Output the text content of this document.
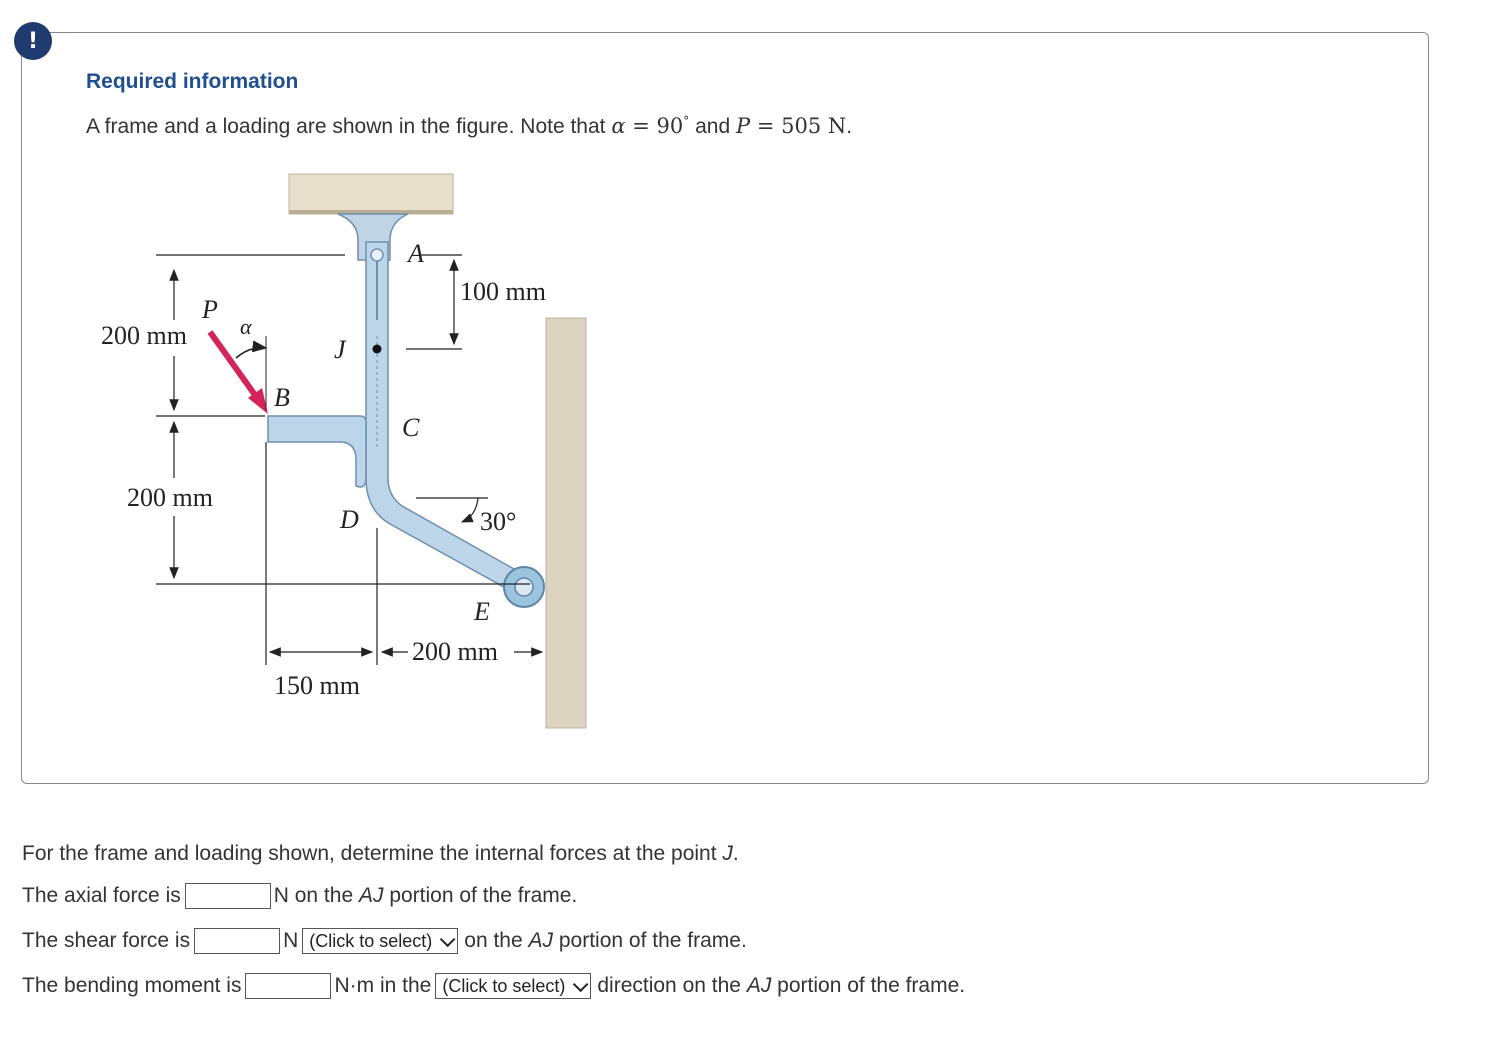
!
Required information
A frame and a loading are shown in the figure. Note that α = 90° and P = 505 N.
A
B
C
D
E
J
P
α
30°
100 mm
200 mm
200 mm
150 mm
200 mm
For the frame and loading shown, determine the internal forces at the point
J .
The axial force is	N on the
AJ
portion of the frame.
The shear force is	N (Click to select) on the
AJ
portion of the frame.
The bending moment is	N·m in the (Click to select) direction on the
AJ
portion of the frame.
